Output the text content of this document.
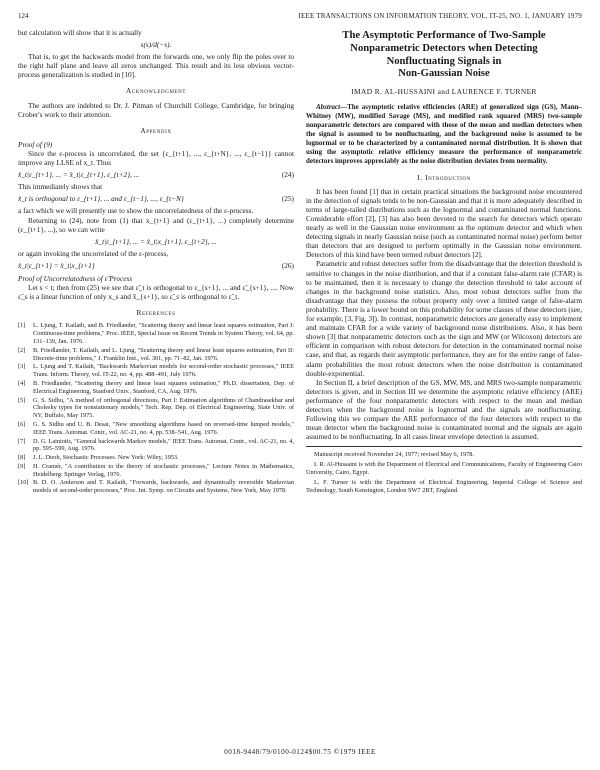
124	IEEE TRANSACTIONS ON INFORMATION THEORY, VOL. IT-25, NO. 1, JANUARY 1979

but calculation will show that it is actually

s(s)/d(−s).

That is, to get the backwards model from the forwards one, we only flip the poles over to the right half plane and leave all zeros unchanged. This result and its less obvious vector-process generalization is studied in [10].

Acknowledgment

The authors are indebted to Dr. J. Pitman of Churchill College, Cambridge, for bringing Crober's work to their attention.

Appendix

Proof of (9)

Since the ε-process is uncorrelated, the set {ε_{t+1}, ..., ε_{t+N}, ..., ε_{t−1}} cannot improve any LLSE of x_t. Thus

x̂_t|ε_{t+1}, ... = x̂_t|ε_{t+1}, ε_{t+2}, ...	(24)

This immediately shows that

x̃_t is orthogonal to ε_{t+1}, ... and ε_{t−1}, ..., ε_{t−N}	(25)

a fact which we will presently use to show the uncorrelatedness of the ε-process.

Returning to (24), note from (1) that x_{t+1} and (ε_{t+1}, ...) completely determine (ε_{t+1}, ...), so we can write

x̂_t|ε_{t+1}, ... = x̂_t|x_{t+1}, ε_{t+2}, ...

or again invoking the uncorrelated of the ε-process,

x̂_t|ε_{t+1} = x̂_t|x_{t+1}	(26)

Proof of Uncorrelatedness of ε̃ Process

Let s < t; then from (25) we see that ε̃_t is orthogonal to ε_{s+1}, ... and ε̃_{s+1}, .... Now ε̃_s is a linear function of only x_s and x̃_{s+1}, so ε̃_s is orthogonal to ε̃_t.

References
[1]	L. Ljung, T. Kailath, and B. Friedlander, "Scattering theory and linear least squares estimation, Part I: Continuous-time problems," Proc. IEEE, Special Issue on Recent Trends in System Theory, vol. 64, pp. 131–139, Jan. 1976.
[2]	B. Friedlander, T. Kailath, and L. Ljung, "Scattering theory and linear least squares estimation, Part II: Discrete-time problems," J. Franklin Inst., vol. 301, pp. 71–82, Jan. 1976.
[3]	L. Ljung and T. Kailath, "Backwards Markovian models for second-order stochastic processes," IEEE Trans. Inform. Theory, vol. IT-22, no. 4, pp. 488–491, July 1976.
[4]	B. Friedlander, "Scattering theory and linear least squares estimation," Ph.D. dissertation, Dep. of Electrical Engineering, Stanford Univ., Stanford, CA, Aug. 1976.
[5]	G. S. Sidhu, "A method of orthogonal directions, Part I: Estimation algorithms of Chandrasekhar and Cholesky types for nonstationary models," Tech. Rep. Dep. of Electrical Engineering, State Univ. of NY, Buffalo, May 1975.
[6]	G. S. Sidhu and U. B. Desai, "New smoothing algorithms based on reversed-time lumped models," IEEE Trans. Automat. Contr., vol. AC-21, no. 4, pp. 538–541, Aug. 1976.
[7]	D. G. Lainiotis, "General backwards Markov models," IEEE Trans. Automat. Contr., vol. AC-21, no. 4, pp. 595–599, Aug. 1976.
[8]	J. L. Doob, Stochastic Processes. New York: Wiley, 1953.
[9]	H. Cramér, "A contribution to the theory of stochastic processes," Lecture Notes in Mathematics, Heidelberg: Springer Verlag, 1976.
[10] B. D. O. Anderson and T. Kailath, "Forwards, backwards, and dynamically reversible Markovian models of second-order processes," Proc. Int. Symp. on Circuits and Systems, New York, May 1978.
The Asymptotic Performance of Two-Sample
Nonparametric Detectors when Detecting
Nonfluctuating Signals in
Non-Gaussian Noise
IMAD R. AL-HUSSAINI and LAURENCE F. TURNER

Abstract—The asymptotic relative efficiencies (ARE) of generalized sign (GS), Mann–Whitney (MW), modified Savage (MS), and modified rank squared (MRS) two-sample nonparametric detectors are compared with those of the mean and median detectors when the signal is assumed to be nonfluctuating, and the background noise is assumed to be lognormal or to be characterized by a contaminated normal distribution. It is shown that using the asymptotic relative efficiency measure the performance of nonparametric detectors improves appreciably as the noise distribution deviates from normality.

I. Introduction

It has been found [1] that in certain practical situations the background noise encountered in the detection of signals tends to be non-Gaussian and that it is more adequately described in terms of large-tailed distributions such as the lognormal and contaminated normal functions. Considerable effort [2], [3] has also been devoted to the search for detectors which operate nearly as well in the Gaussian noise environment as the optimum detector and which when detecting signals in nearly Gaussian noise (such as contaminated normal noise) perform better than detectors that are designed to perform optimally in the Gaussian noise environment. Detectors of this kind have been termed robust detectors [2].

Parametric and robust detectors suffer from the disadvantage that the detection threshold is sensitive to changes in the noise distribution, and that if a constant false-alarm rate (CFAR) is to be maintained, then it is necessary to change the detection threshold to take account of changes in the background noise statistics. Also, most robust detectors suffer from the disadvantage that they possess the robust property only over a limited range of false-alarm probability. There is a lower bound on this probability for some classes of these detectors (see, for example, [3, Fig. 3]). In contrast, nonparametric detectors are generally easy to implement and maintain CFAR for a wide variety of background noise distributions. Also, it has been shown [3] that nonparametric detectors such as the sign and MW (or Wilcoxon) detectors are efficient in comparison with robust detectors for detection in the contaminated normal noise case, and that, as regards their asymptotic performance, they are for the entire range of false-alarm probabilities the most robust detectors when the noise distribution is contaminated double-exponential.

In Section II, a brief description of the GS, MW, MS, and MRS two-sample nonparametric detectors is given, and in Section III we determine the asymptotic relative efficiency (ARE) performance of the four nonparametric detectors with respect to the mean and median detectors when the background noise is lognormal and the signals are nonfluctuating. Following this we compare the ARE performance of the four detectors with respect to the mean detector when the background noise is contaminated normal and the signals are again assumed to be nonfluctuating. In all cases linear envelope detection is assumed.

Manuscript received November 24, 1977; revised May 6, 1978.

I. R. Al-Hussaini is with the Department of Electrical and Communications, Faculty of Engineering Cairo University, Cairo, Egypt.

L. F. Turner is with the Department of Electrical Engineering, Imperial College of Science and Technology, South Kensington, London SW7 2BT, England.

0018-9448/79/0100-0124$00.75 ©1979 IEEE
